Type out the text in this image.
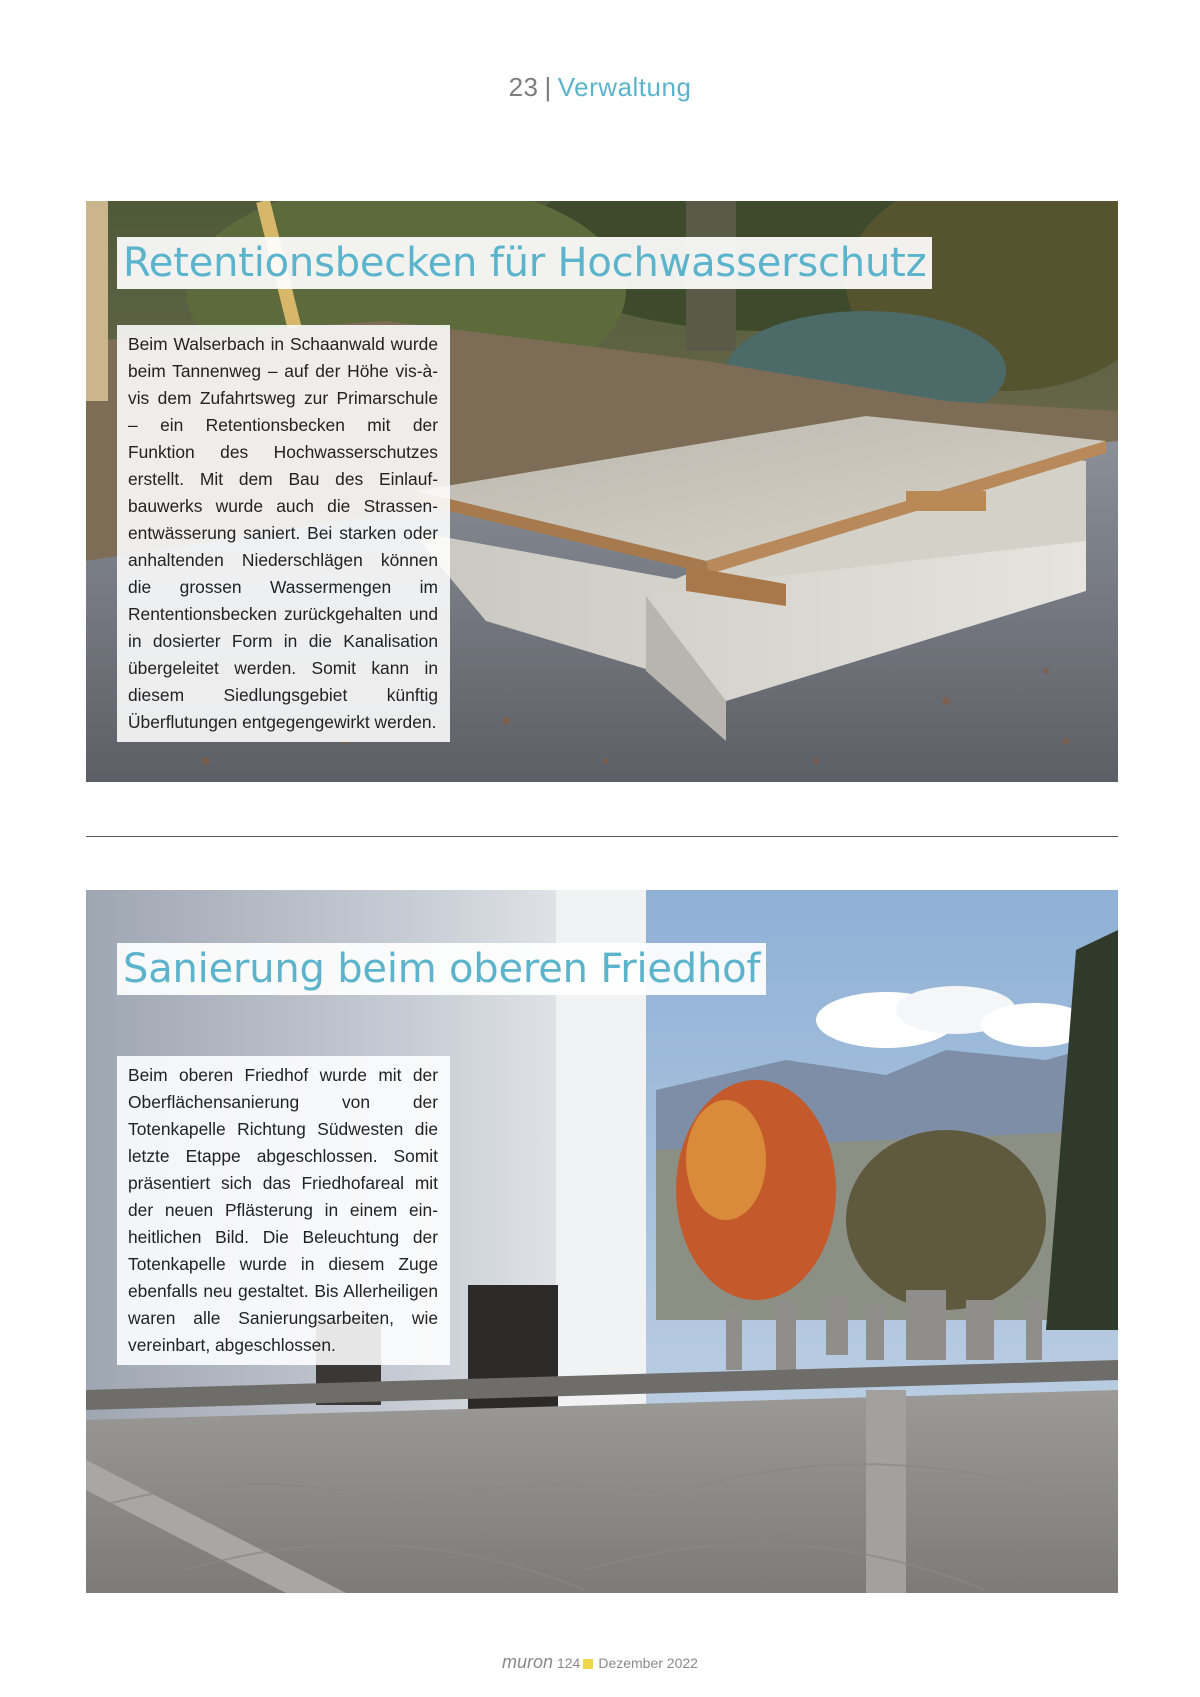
23 | Verwaltung
Retentionsbecken für Hochwasserschutz
Beim Walserbach in Schaanwald wurde beim Tannenweg – auf der Höhe vis-à-vis dem Zufahrtsweg zur Primarschule – ein Retentionsbecken mit der Funktion des Hochwasserschutzes erstellt. Mit dem Bau des Einlaufbauwerks wurde auch die Strassenentwässerung saniert. Bei starken oder anhaltenden Niederschlägen können die grossen Wassermengen im Rententionsbecken zurückgehalten und in dosierter Form in die Kanalisation übergeleitet werden. Somit kann in diesem Siedlungsgebiet künftig Überflutungen entgegengewirkt werden.
Sanierung beim oberen Friedhof
Beim oberen Friedhof wurde mit der Oberflächensanierung von der Totenkapelle Richtung Südwesten die letzte Etappe abgeschlossen. Somit präsentiert sich das Friedhofareal mit der neuen Pflästerung in einem einheitlichen Bild. Die Beleuchtung der Totenkapelle wurde in diesem Zuge ebenfalls neu gestaltet. Bis Allerheiligen waren alle Sanierungsarbeiten, wie vereinbart, abgeschlossen.
muron 124 Dezember 2022
